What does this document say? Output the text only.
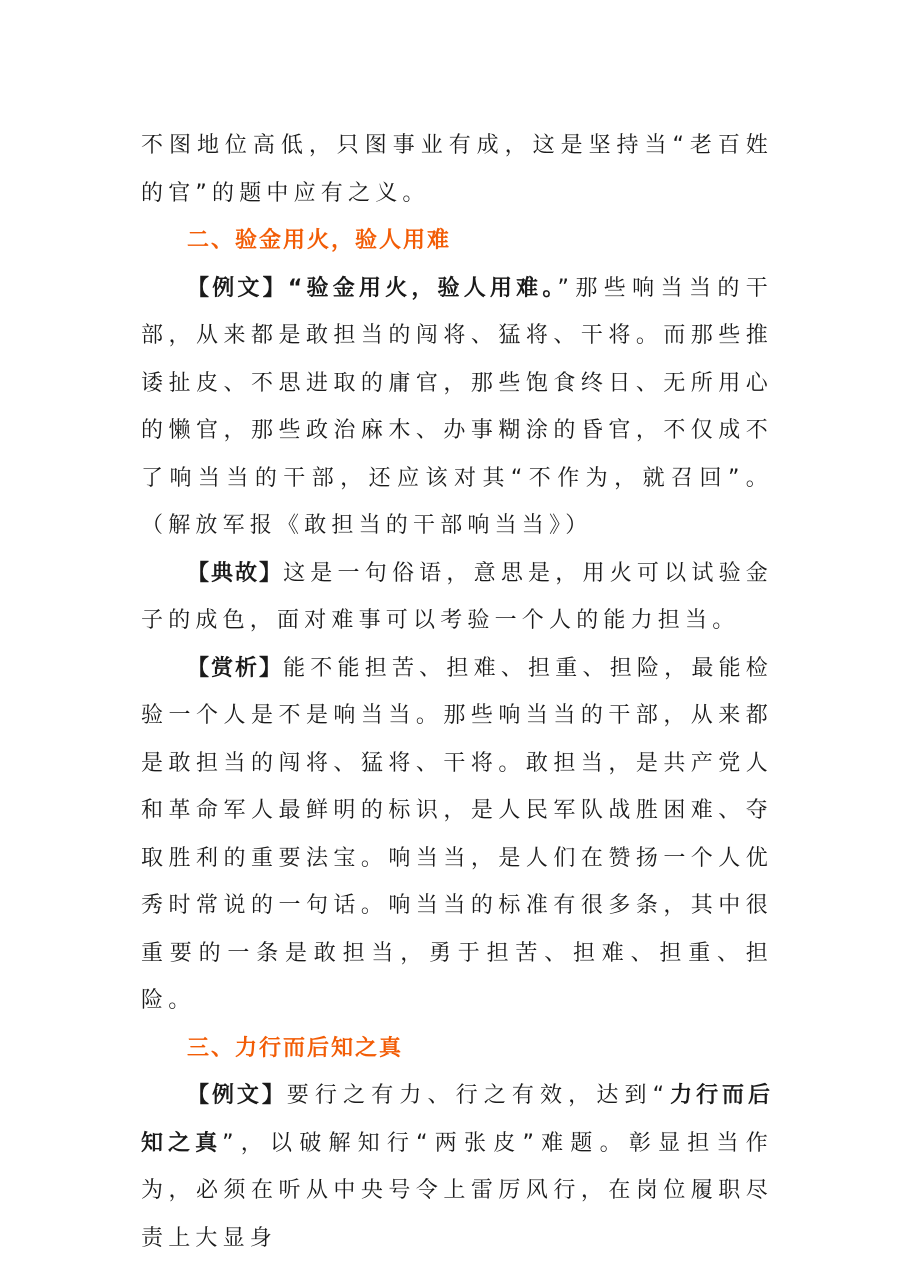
不图地位高低，只图事业有成，这是坚持当“老百姓的官”的题中应有之义。

二、验金用火，验人用难

【例文】“验金用火，验人用难。”那些响当当的干部，从来都是敢担当的闯将、猛将、干将。而那些推诿扯皮、不思进取的庸官，那些饱食终日、无所用心的懒官，那些政治麻木、办事糊涂的昏官，不仅成不了响当当的干部，还应该对其“不作为，就召回”。（解放军报《敢担当的干部响当当》）

【典故】这是一句俗语，意思是，用火可以试验金子的成色，面对难事可以考验一个人的能力担当。

【赏析】能不能担苦、担难、担重、担险，最能检验一个人是不是响当当。那些响当当的干部，从来都是敢担当的闯将、猛将、干将。敢担当，是共产党人和革命军人最鲜明的标识，是人民军队战胜困难、夺取胜利的重要法宝。响当当，是人们在赞扬一个人优秀时常说的一句话。响当当的标准有很多条，其中很重要的一条是敢担当，勇于担苦、担难、担重、担险。

三、力行而后知之真

【例文】要行之有力、行之有效，达到“力行而后知之真”，以破解知行“两张皮”难题。彰显担当作为，必须在听从中央号令上雷厉风行，在岗位履职尽责上大显身
